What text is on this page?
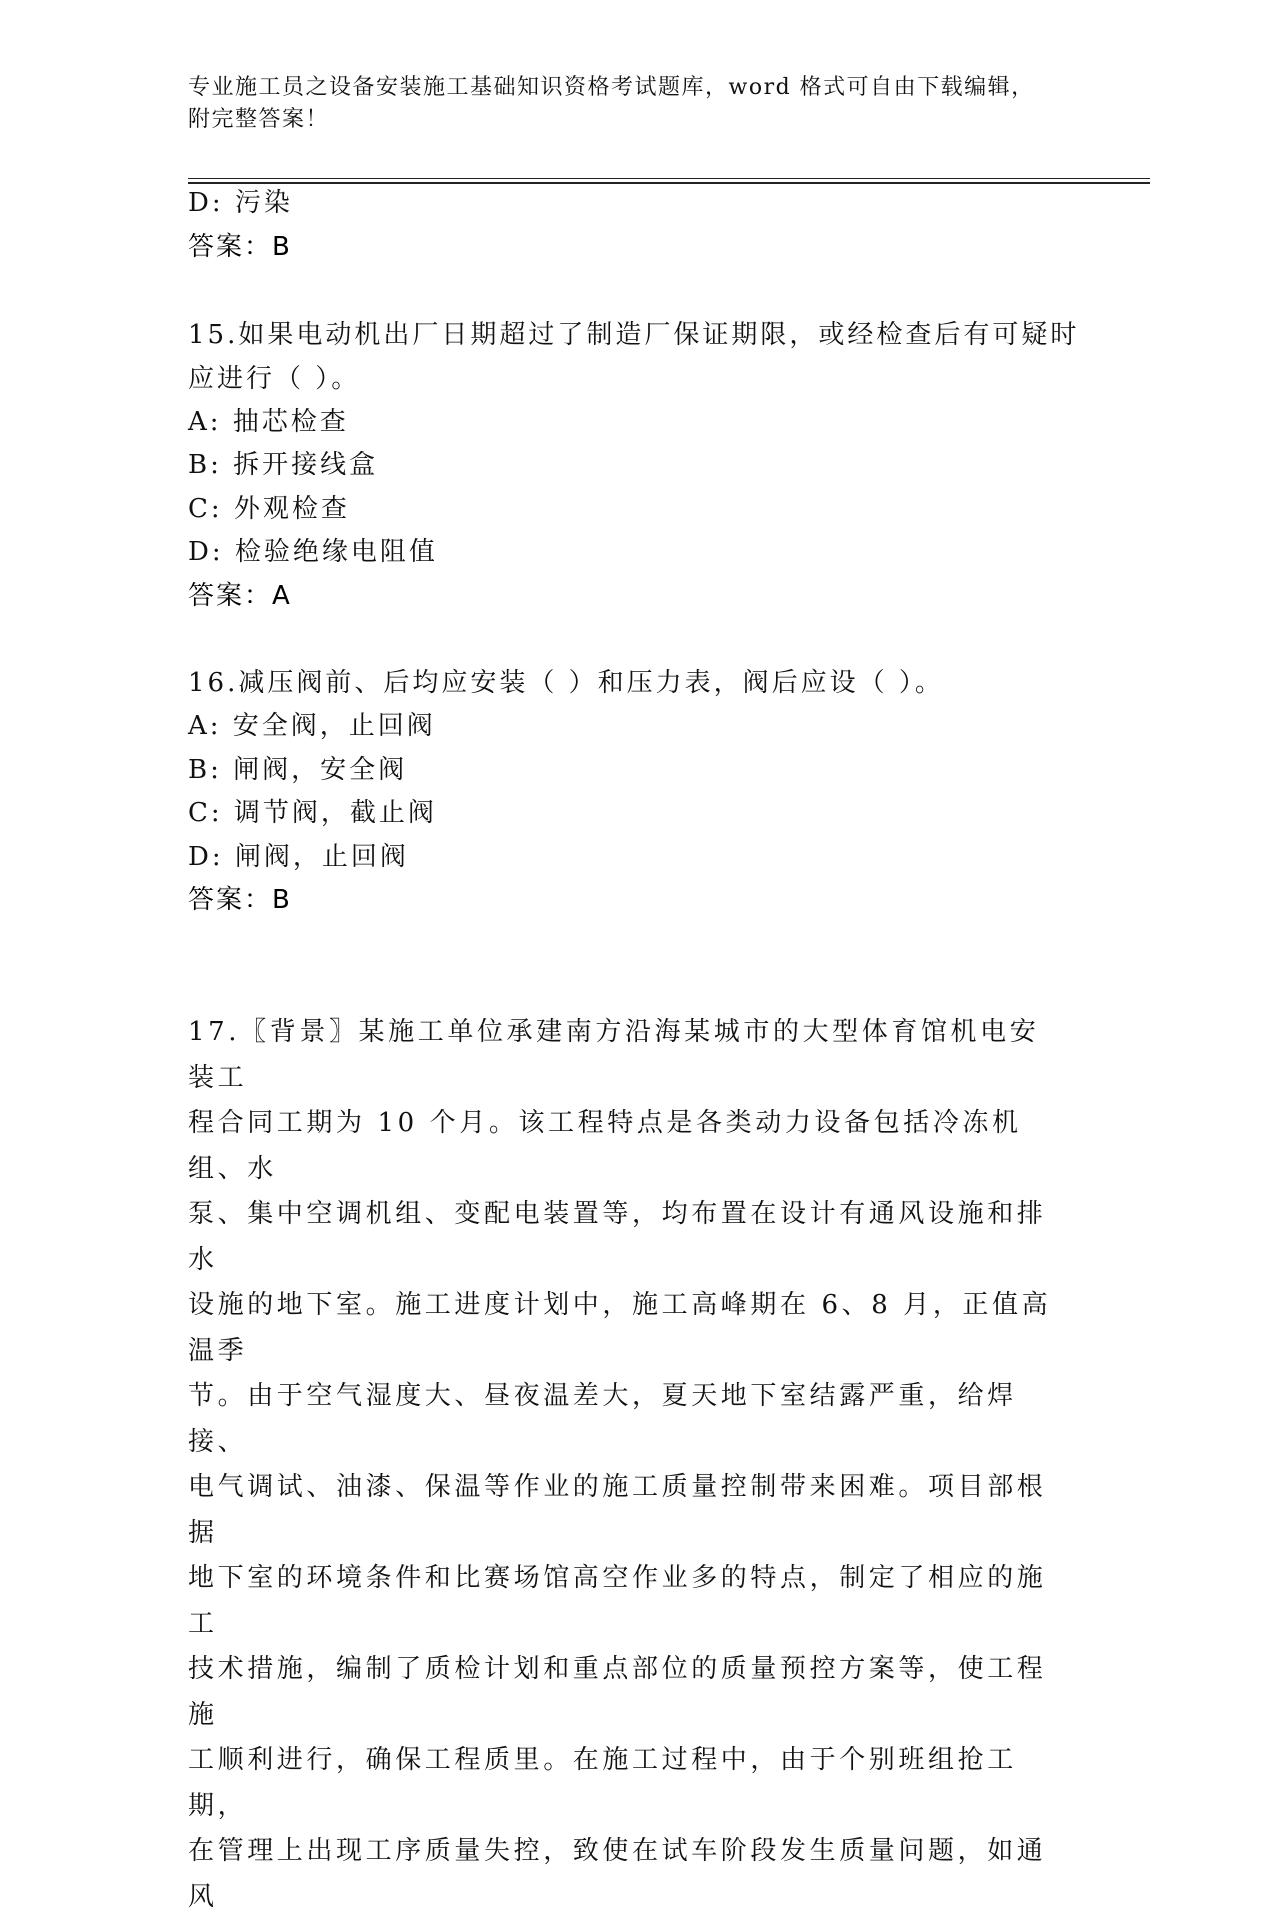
专业施工员之设备安装施工基础知识资格考试题库，word 格式可自由下载编辑，
附完整答案！
D: 污染
答案：B
15.如果电动机出厂日期超过了制造厂保证期限，或经检查后有可疑时
应进行（ ）。
A: 抽芯检查
B: 拆开接线盒
C: 外观检查
D: 检验绝缘电阻值
答案：A
16.减压阀前、后均应安装（ ）和压力表，阀后应设（ ）。
A: 安全阀，止回阀
B: 闸阀，安全阀
C: 调节阀，截止阀
D: 闸阀，止回阀
答案：B
17.〖背景〗某施工单位承建南方沿海某城市的大型体育馆机电安装工
程合同工期为 10 个月。该工程特点是各类动力设备包括冷冻机组、水
泵、集中空调机组、变配电装置等，均布置在设计有通风设施和排水
设施的地下室。施工进度计划中，施工高峰期在 6、8 月，正值高温季
节。由于空气湿度大、昼夜温差大，夏天地下室结露严重，给焊接、
电气调试、油漆、保温等作业的施工质量控制带来困难。项目部根据
地下室的环境条件和比赛场馆高空作业多的特点，制定了相应的施工
技术措施，编制了质检计划和重点部位的质量预控方案等，使工程施
工顺利进行，确保工程质里。在施工过程中，由于个别班组抢工期，
在管理上出现工序质量失控，致使在试车阶段发生质量问题，如通风
